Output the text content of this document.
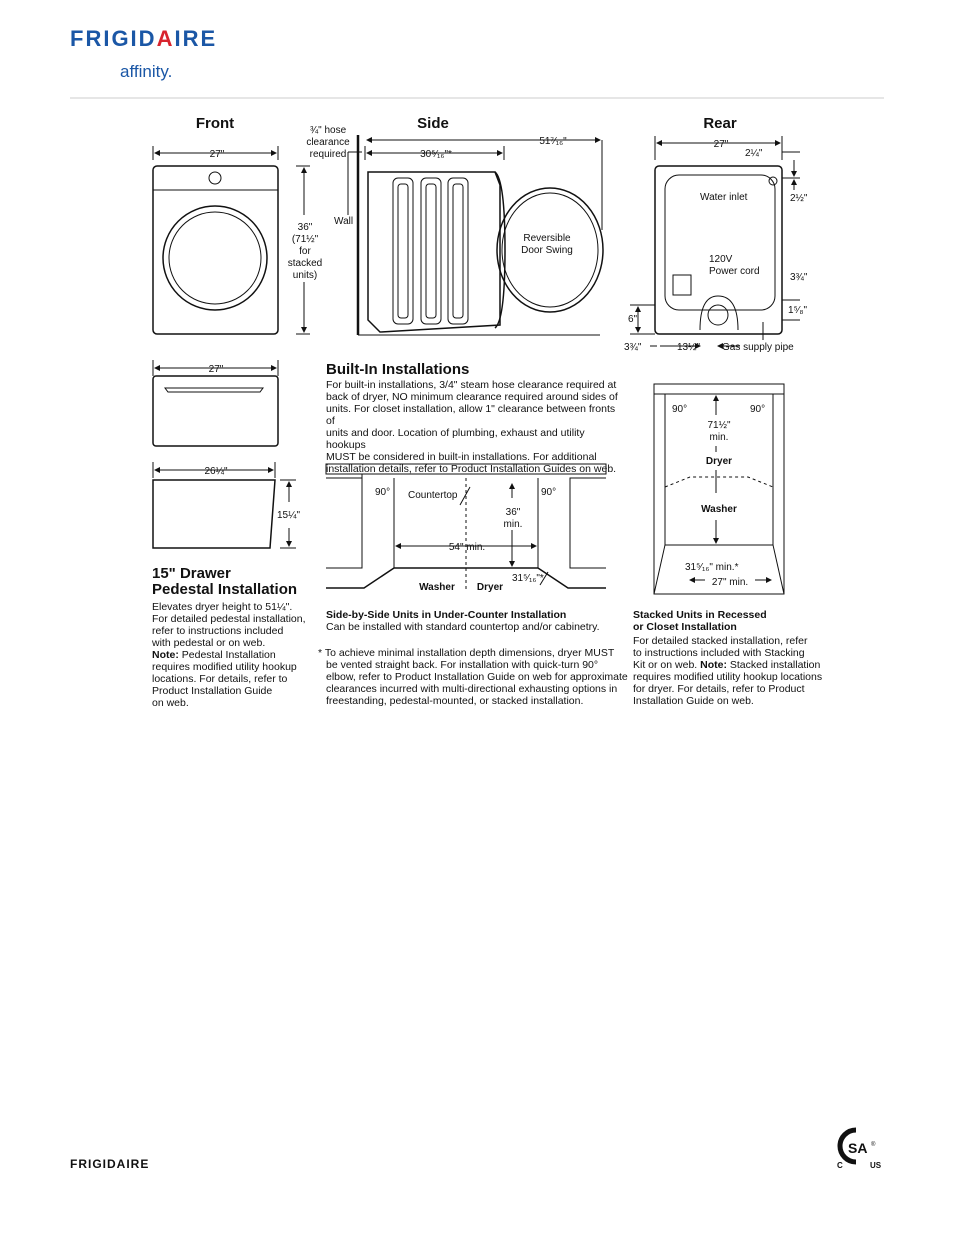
FRIGIDAIRE
affinity.
Front	Side	Rear
27"
36"
(71½"
for
stacked
units)
¾" hose
clearance
required	30⁵⁄₁₆"*
51⁷⁄₁₆"
Wall
Reversible
Door Swing
27"
2¼"
2½"
3¾"
1⁵⁄₈"
6"
3¾"	13½"
Water inlet
120V
Power cord
Gas supply pipe
27"
26¼"
15¼"
90°	90°
Countertop
36"
min.
54" min.
Washer Dryer
31⁵⁄₁₆"*
90°	90°
71½"
min.
Dryer
Washer
31⁵⁄₁₆" min.*
27" min.
15" Drawer
Pedestal Installation
Elevates dryer height to 51¼".
For detailed pedestal installation,
refer to instructions included
with pedestal or on web.
Note: Pedestal Installation
requires modified utility hookup
locations. For details, refer to
Product Installation Guide
on web.
Built-In Installations
For built-in installations, 3/4" steam hose clearance required at
back of dryer, NO minimum clearance required around sides of
units. For closet installation, allow 1" clearance between fronts of
units and door. Location of plumbing, exhaust and utility hookups
MUST be considered in built-in installations. For additional
installation details, refer to Product Installation Guides on web.
Side-by-Side Units in Under-Counter Installation
Can be installed with standard countertop and/or cabinetry.
* To achieve minimal installation depth dimensions, dryer MUST
be vented straight back. For installation with quick-turn 90°
elbow, refer to Product Installation Guide on web for approximate
clearances incurred with multi-directional exhausting options in
freestanding, pedestal-mounted, or stacked installation.
Stacked Units in Recessed
or Closet Installation
For detailed stacked installation, refer
to instructions included with Stacking
Kit or on web. Note: Stacked installation
requires modified utility hookup locations
for dryer. For details, refer to Product
Installation Guide on web.
FRIGIDAIRE
SA ®
C	US
